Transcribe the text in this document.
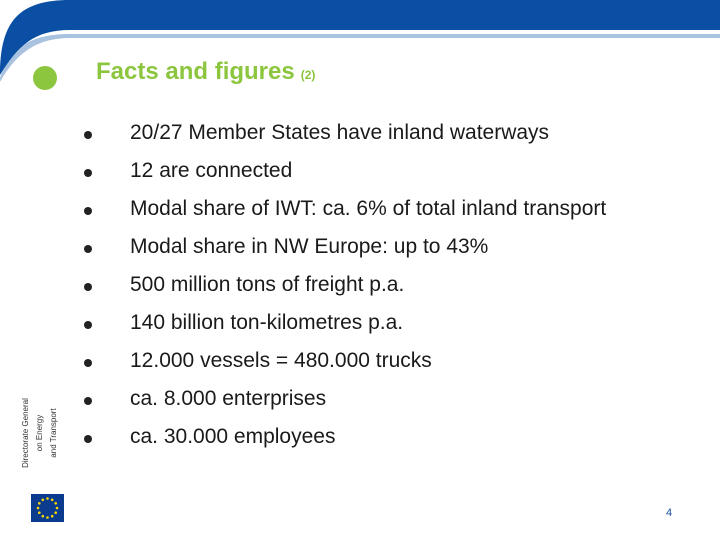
Facts and figures (2)
20/27 Member States have inland waterways
12 are connected
Modal share of IWT: ca. 6% of total inland transport
Modal share in NW Europe: up to 43%
500 million tons of freight p.a.
140 billion ton-kilometres p.a.
12.000 vessels = 480.000 trucks
ca. 8.000 enterprises
ca. 30.000 employees
Directorate General on Energy and Transport
4
